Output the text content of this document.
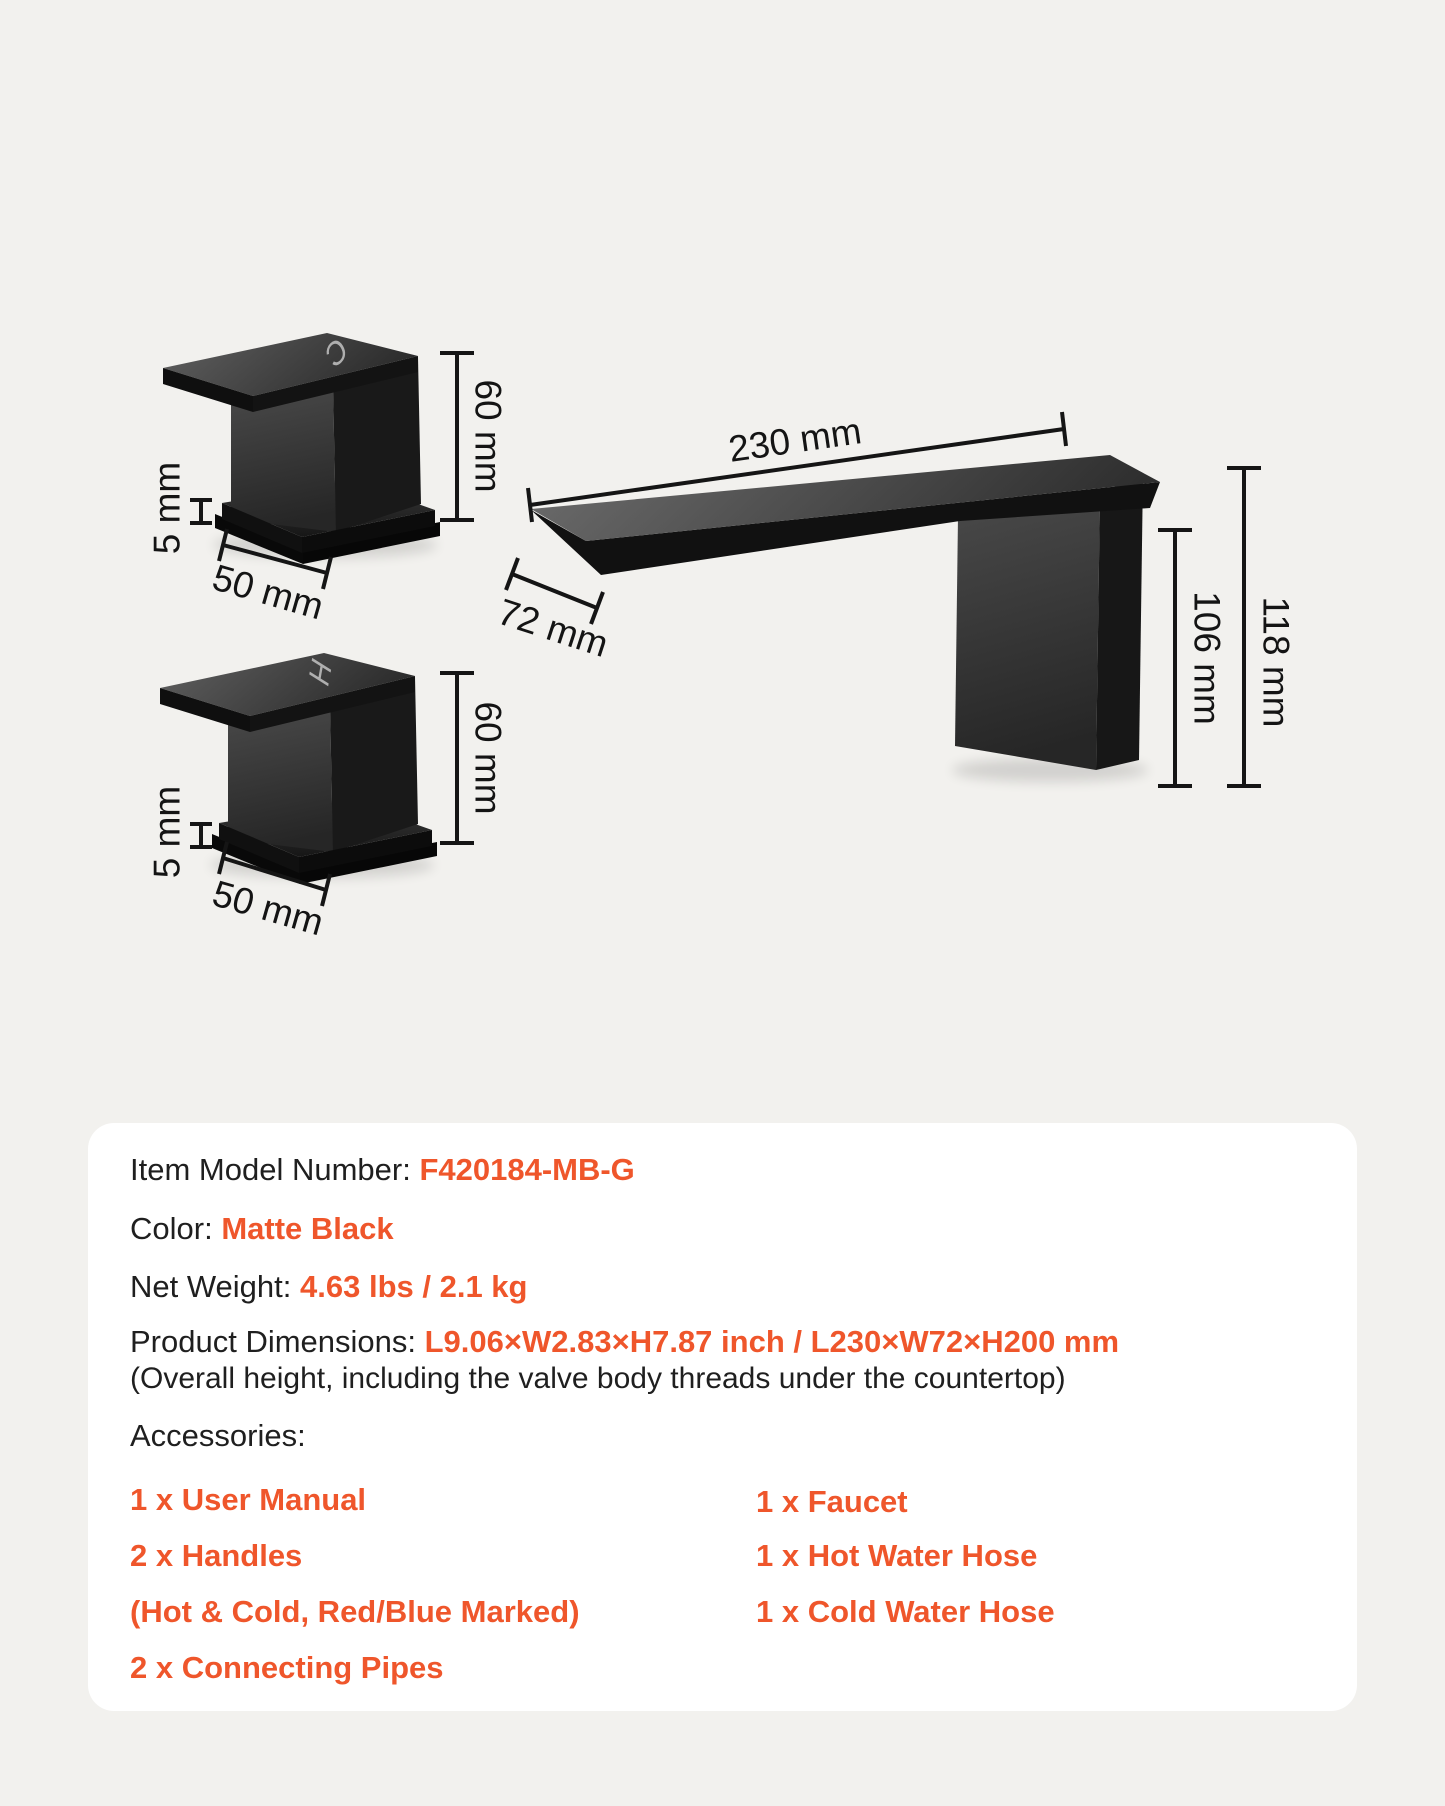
230 mm
72 mm	106 mm 118 mm
C
60 mm
5 mm
50 mm
H
60 mm
5 mm
50 mm
Item Model Number: F420184-MB-G
Color: Matte Black
Net Weight: 4.63 lbs / 2.1 kg
Product Dimensions: L9.06×W2.83×H7.87 inch / L230×W72×H200 mm
(Overall height, including the valve body threads under the countertop)
Accessories:
1 x User Manual
2 x Handles
(Hot & Cold, Red/Blue Marked)
2 x Connecting Pipes
1 x Faucet
1 x Hot Water Hose
1 x Cold Water Hose
